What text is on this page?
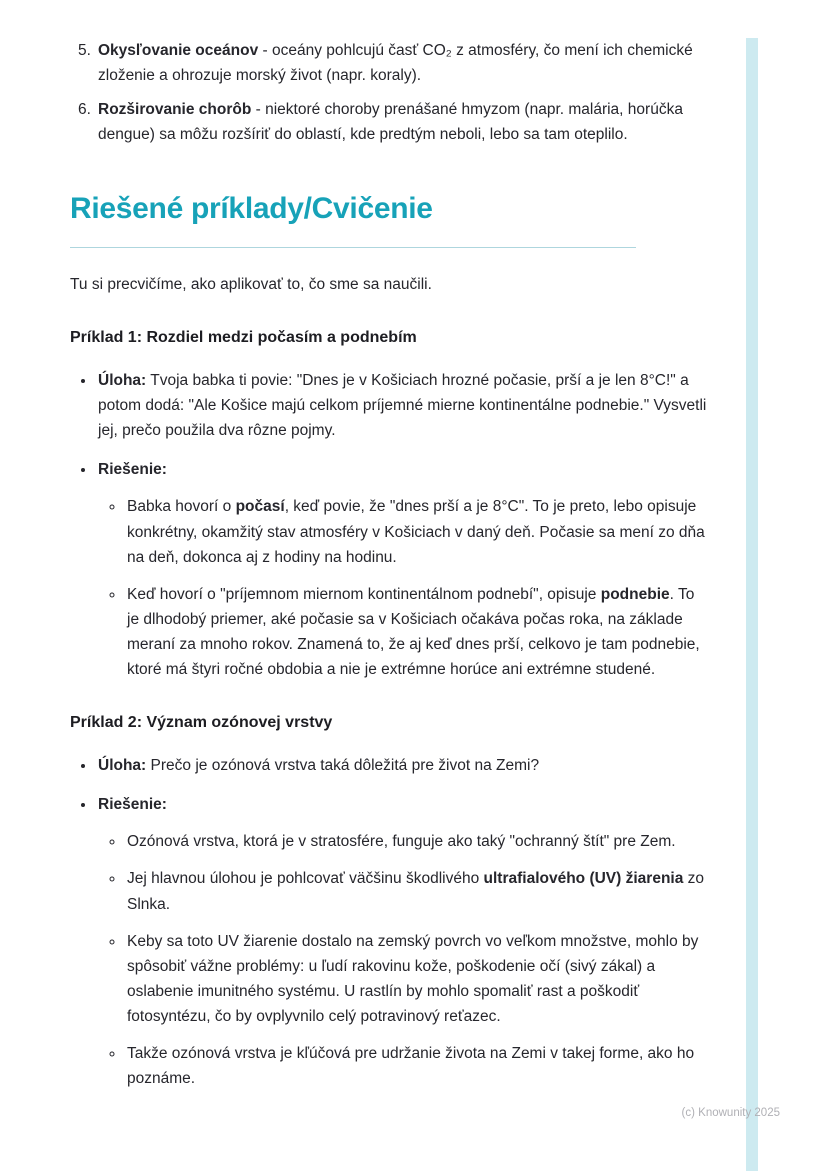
5. Okysľovanie oceánov - oceány pohlcujú časť CO₂ z atmosféry, čo mení ich chemické zloženie a ohrozuje morský život (napr. koraly).
6. Rozširovanie chorôb - niektoré choroby prenášané hmyzom (napr. malária, horúčka dengue) sa môžu rozšíriť do oblastí, kde predtým neboli, lebo sa tam oteplilo.
Riešené príklady/Cvičenie

Tu si precvičíme, ako aplikovať to, čo sme sa naučili.

Príklad 1: Rozdiel medzi počasím a podnebím
• Úloha: Tvoja babka ti povie: "Dnes je v Košiciach hrozné počasie, prší a je len 8°C!" a potom dodá: "Ale Košice majú celkom príjemné mierne kontinentálne podnebie." Vysvetli jej, prečo použila dva rôzne pojmy.
• Riešenie:
◦ Babka hovorí o počasí, keď povie, že "dnes prší a je 8°C". To je preto, lebo opisuje konkrétny, okamžitý stav atmosféry v Košiciach v daný deň. Počasie sa mení zo dňa na deň, dokonca aj z hodiny na hodinu.
◦ Keď hovorí o "príjemnom miernom kontinentálnom podnebí", opisuje podnebie. To je dlhodobý priemer, aké počasie sa v Košiciach očakáva počas roka, na základe meraní za mnoho rokov. Znamená to, že aj keď dnes prší, celkovo je tam podnebie, ktoré má štyri ročné obdobia a nie je extrémne horúce ani extrémne studené.
Príklad 2: Význam ozónovej vrstvy
• Úloha: Prečo je ozónová vrstva taká dôležitá pre život na Zemi?
• Riešenie:
◦ Ozónová vrstva, ktorá je v stratosfére, funguje ako taký "ochranný štít" pre Zem.
◦ Jej hlavnou úlohou je pohlcovať väčšinu škodlivého ultrafialového (UV) žiarenia zo Slnka.
◦ Keby sa toto UV žiarenie dostalo na zemský povrch vo veľkom množstve, mohlo by spôsobiť vážne problémy: u ľudí rakovinu kože, poškodenie očí (sivý zákal) a oslabenie imunitného systému. U rastlín by mohlo spomaliť rast a poškodiť fotosyntézu, čo by ovplyvnilo celý potravinový reťazec.
◦ Takže ozónová vrstva je kľúčová pre udržanie života na Zemi v takej forme, ako ho poznáme.
(c) Knowunity 2025
